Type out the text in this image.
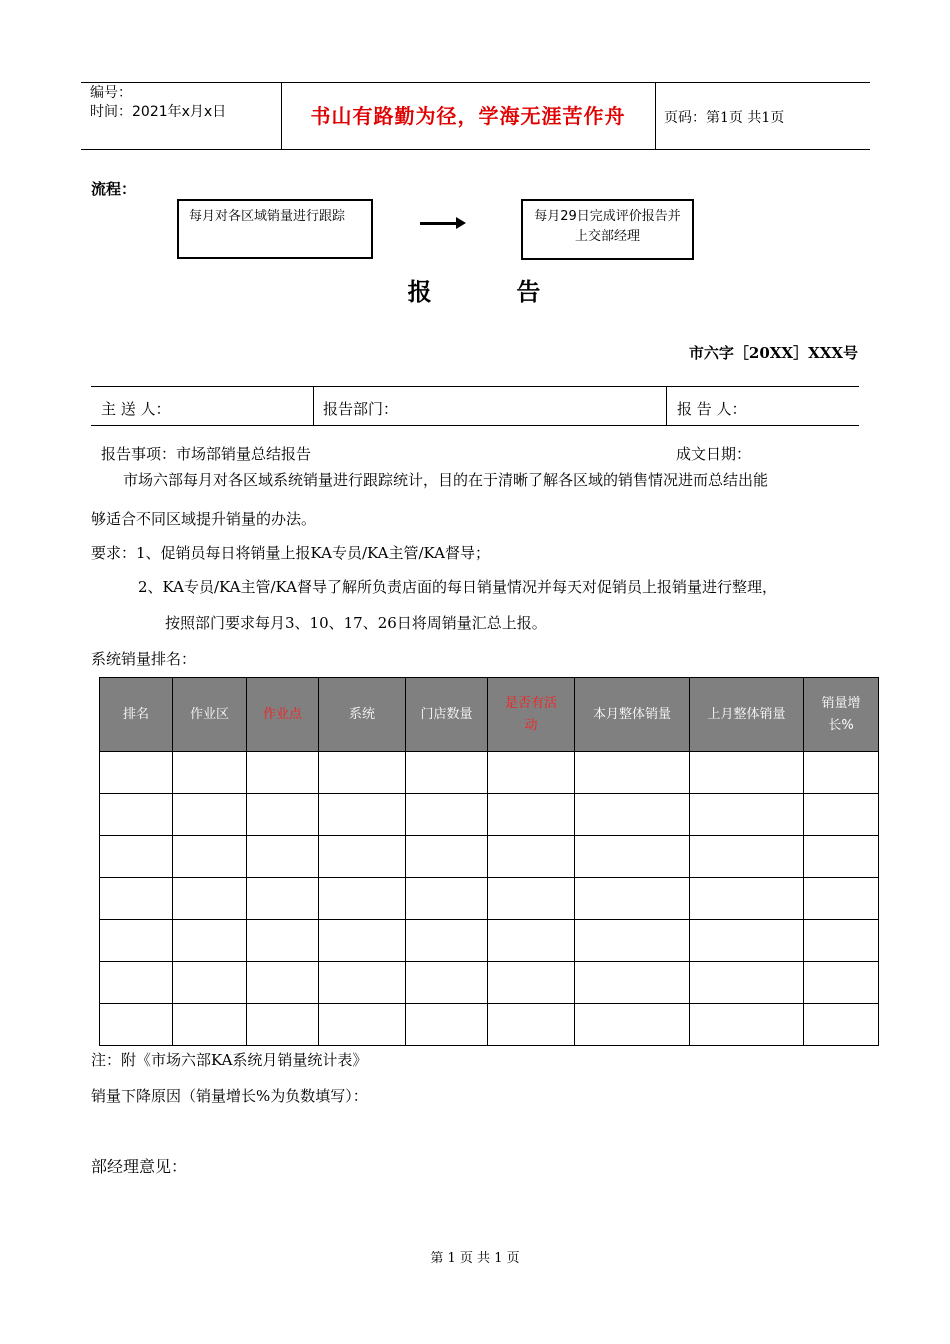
编号：
时间：2021年x月x日	书山有路勤为径，学海无涯苦作舟	页码：第1页 共1页
流程：
每月对各区域销量进行跟踪	每月29日完成评价报告并上交部经理
报        告
市六字［20XX］XXX号
主 送 人：	报告部门：	报 告 人：
报告事项：市场部销量总结报告	成文日期：
市场六部每月对各区域系统销量进行跟踪统计，目的在于清晰了解各区域的销售情况进而总结出能
够适合不同区域提升销量的办法。
要求：1、促销员每日将销量上报KA专员/KA主管/KA督导；
2、KA专员/KA主管/KA督导了解所负责店面的每日销量情况并每天对促销员上报销量进行整理，
按照部门要求每月3、10、17、26日将周销量汇总上报。
系统销量排名：
排名	作业区	作业点	系统	门店数量	是否有活动	本月整体销量	上月整体销量	销量增长%

注：附《市场六部KA系统月销量统计表》
销量下降原因（销量增长%为负数填写）：
部经理意见：
第 1 页 共 1 页
